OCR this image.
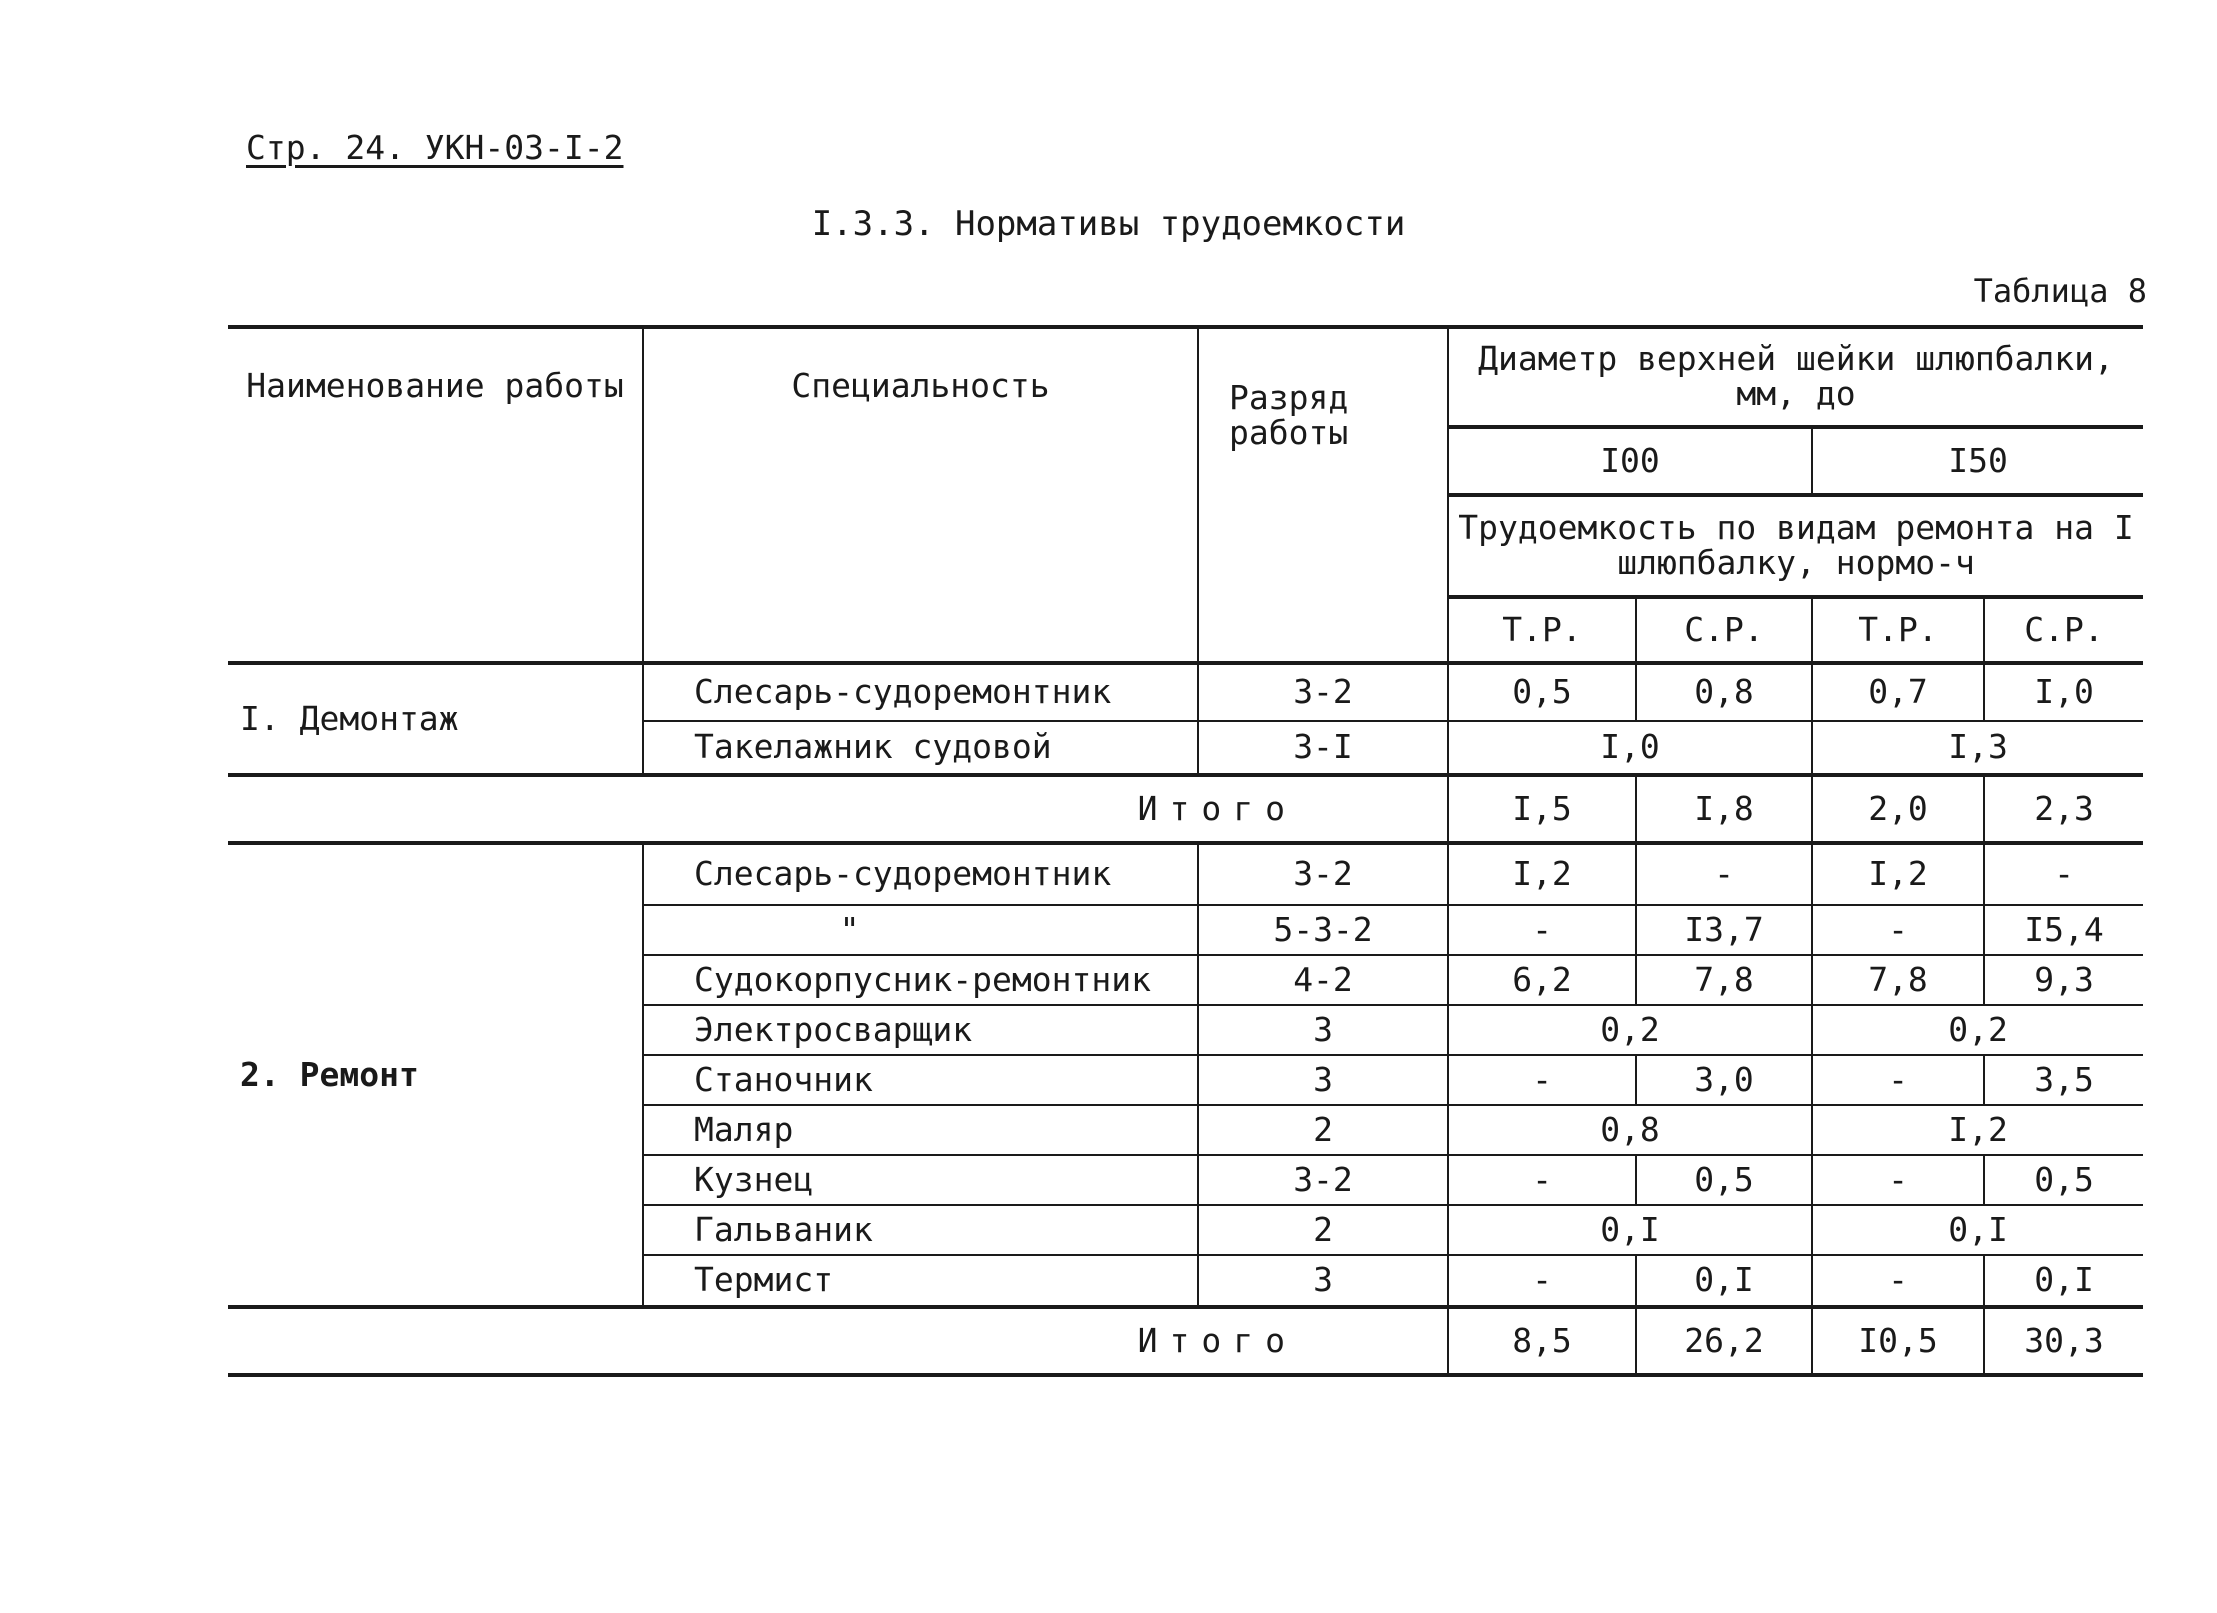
Стр. 24. УКН-03-I-2
I.3.3. Нормативы трудоемкости
Таблица 8
Наименование работы	Специальность	Разряд работы	Диаметр верхней шейки шлюпбалки, мм, до			
			I00		I50	
			Трудоемкость по видам ремонта на I шлюпбалку, нормо-ч			
			Т.Р.	С.Р.	Т.Р.	С.Р.
I. Демонтаж	Слесарь-судоремонтник	3-2	0,5	0,8	0,7	I,0
	Такелажник судовой	3-I	I,0		I,3	
Итого			I,5	I,8	2,0	2,3
2. Ремонт	Слесарь-судоремонтник	3-2	I,2	-	I,2	-
	"	5-3-2	-	I3,7	-	I5,4
	Судокорпусник-ремонтник	4-2	6,2	7,8	7,8	9,3
	Электросварщик	3	0,2		0,2	
	Станочник	3	-	3,0	-	3,5
	Маляр	2	0,8		I,2	
	Кузнец	3-2	-	0,5	-	0,5
	Гальваник	2	0,I		0,I	
	Термист	3	-	0,I	-	0,I
Итого			8,5	26,2	I0,5	30,3
